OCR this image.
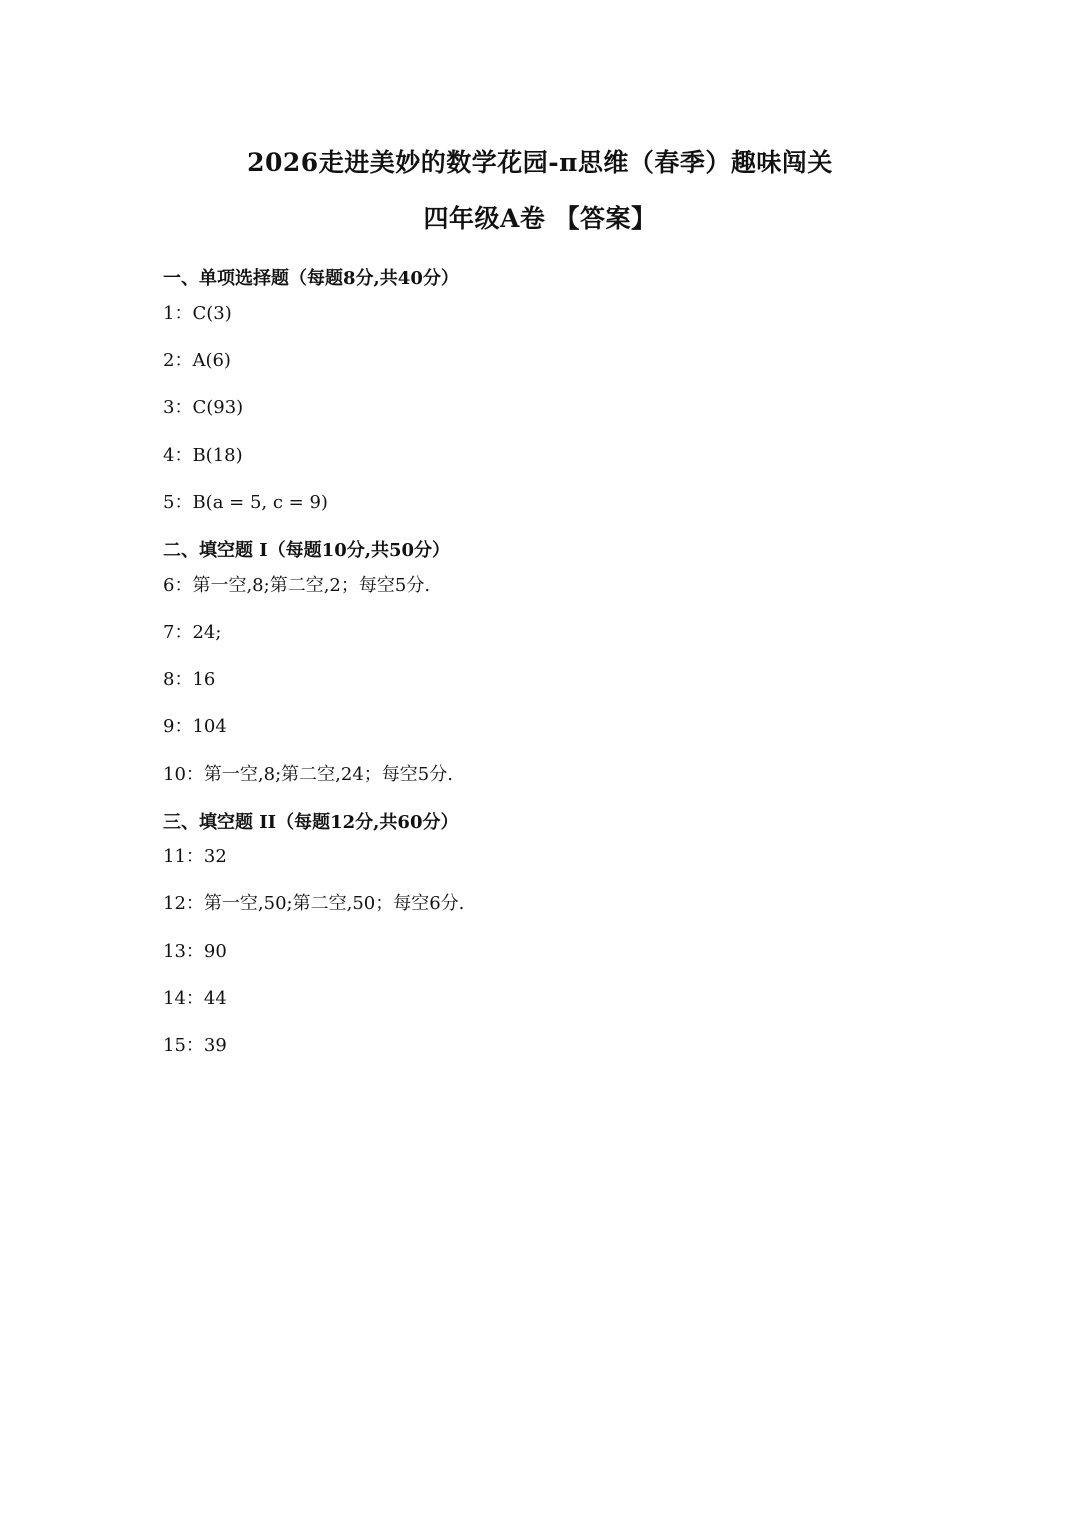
2026走进美妙的数学花园-π思维（春季）趣味闯关
四年级A卷 【答案】
一、单项选择题（每题8分,共40分）
1：C(3)
2：A(6)
3：C(93)
4：B(18)
5：B(a = 5, c = 9)
二、填空题 I（每题10分,共50分）
6：第一空,8;第二空,2；每空5分.
7：24;
8：16
9：104
10：第一空,8;第二空,24；每空5分.
三、填空题 II（每题12分,共60分）
11：32
12：第一空,50;第二空,50；每空6分.
13：90
14：44
15：39
